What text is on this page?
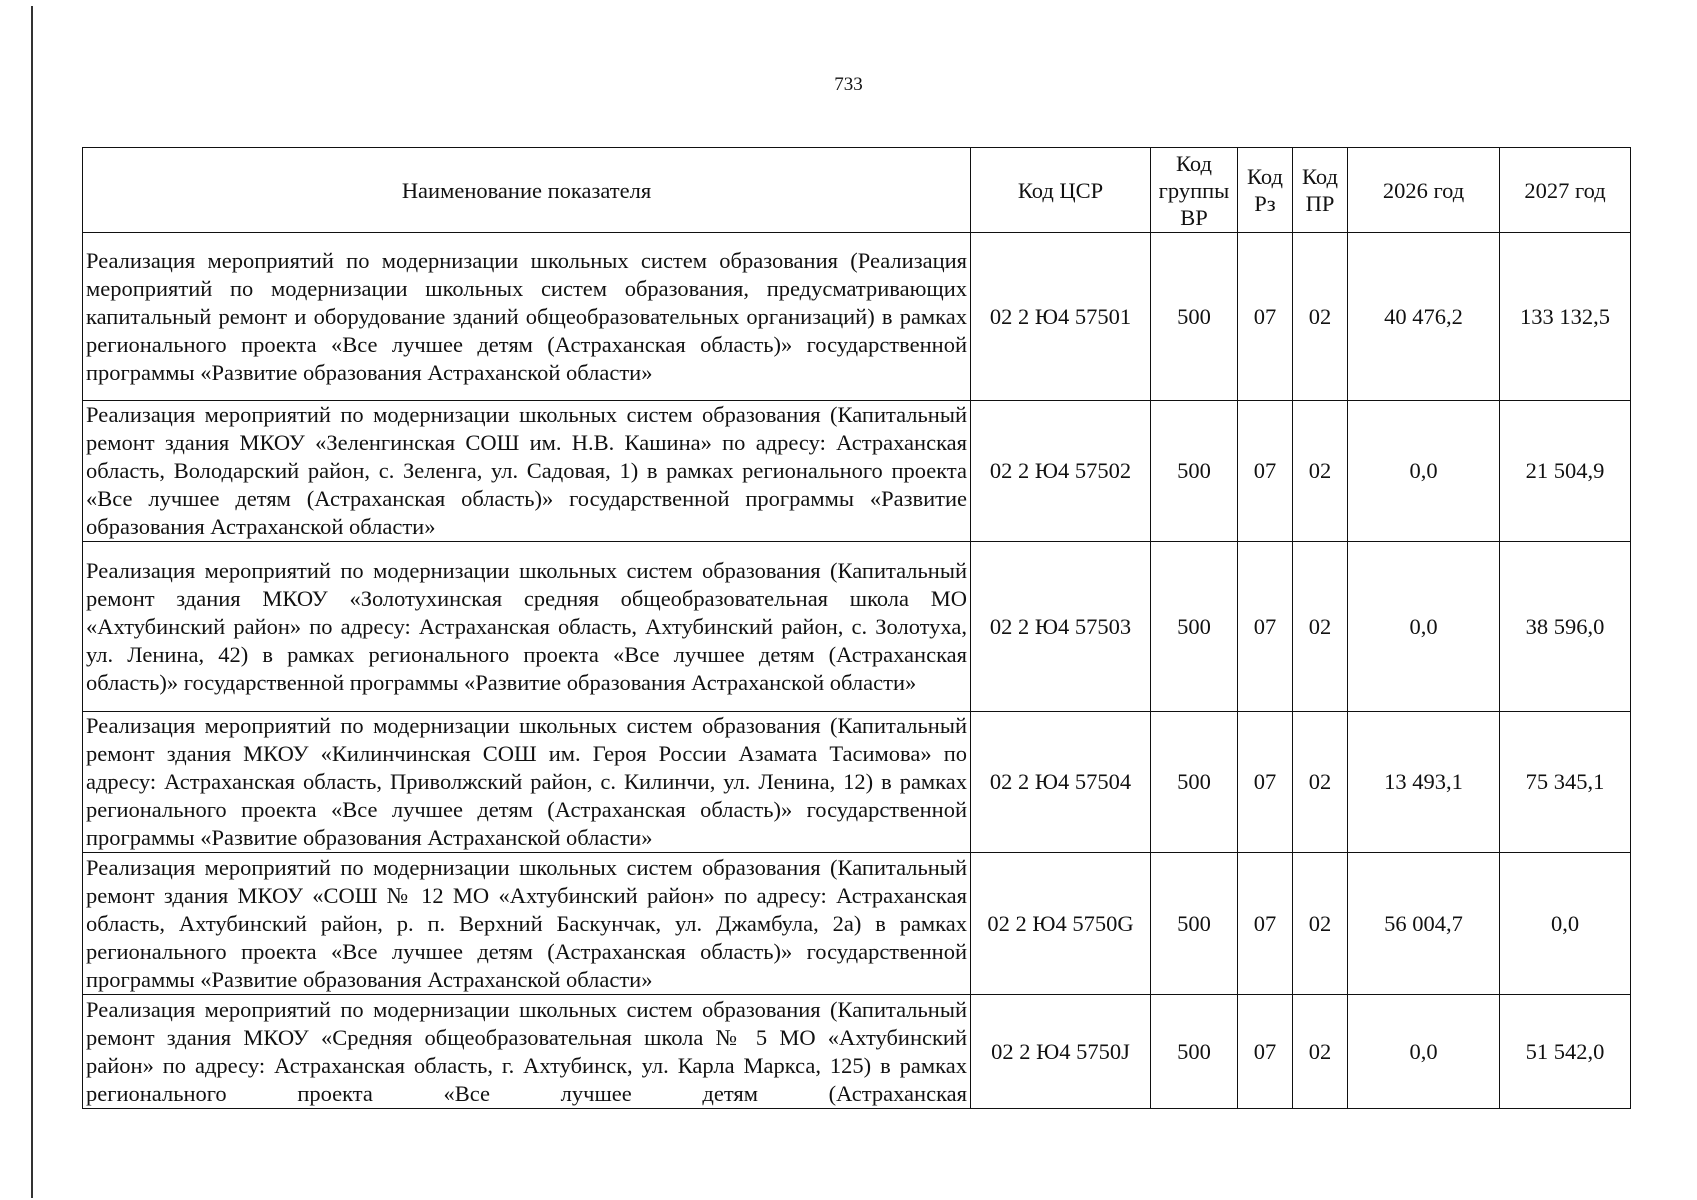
733
Наименование показателя	Код ЦСР	Код группы ВР	Код Рз	Код ПР	2026 год	2027 год
Реализация мероприятий по модернизации школьных систем образования (Реализация мероприятий по модернизации школьных систем образования, предусматривающих капитальный ремонт и оборудование зданий общеобразовательных организаций) в рамках регионального проекта «Все лучшее детям (Астраханская область)» государственной программы «Развитие образования Астраханской области»	02 2 Ю4 57501	500	07	02	40 476,2	133 132,5
Реализация мероприятий по модернизации школьных систем образования (Капитальный ремонт здания МКОУ «Зеленгинская СОШ им. Н.В. Кашина» по адресу: Астраханская область, Володарский район, с. Зеленга, ул. Садовая, 1) в рамках регионального проекта «Все лучшее детям (Астраханская область)» государственной программы «Развитие образования Астраханской области»	02 2 Ю4 57502	500	07	02	0,0	21 504,9
Реализация мероприятий по модернизации школьных систем образования (Капитальный ремонт здания МКОУ «Золотухинская средняя общеобразовательная школа МО «Ахтубинский район» по адресу: Астраханская область, Ахтубинский район, с. Золотуха, ул. Ленина, 42) в рамках регионального проекта «Все лучшее детям (Астраханская область)» государственной программы «Развитие образования Астраханской области»	02 2 Ю4 57503	500	07	02	0,0	38 596,0
Реализация мероприятий по модернизации школьных систем образования (Капитальный ремонт здания МКОУ «Килинчинская СОШ им. Героя России Азамата Тасимова» по адресу: Астраханская область, Приволжский район, с. Килинчи, ул. Ленина, 12) в рамках регионального проекта «Все лучшее детям (Астраханская область)» государственной программы «Развитие образования Астраханской области»	02 2 Ю4 57504	500	07	02	13 493,1	75 345,1
Реализация мероприятий по модернизации школьных систем образования (Капитальный ремонт здания МКОУ «СОШ № 12 МО «Ахтубинский район» по адресу: Астраханская область, Ахтубинский район, р. п. Верхний Баскунчак, ул. Джамбула, 2а) в рамках регионального проекта «Все лучшее детям (Астраханская область)» государственной программы «Развитие образования Астраханской области»	02 2 Ю4 5750G	500	07	02	56 004,7	0,0

Реализация мероприятий по модернизации школьных систем образования (Капитальный ремонт здания МКОУ «Средняя общеобразовательная школа № 5 МО «Ахтубинский район» по адресу: Астраханская область, г. Ахтубинск, ул. Карла Маркса, 125) в рамках регионального проекта «Все лучшее детям (Астраханская	02 2 Ю4 5750J	500	07	02	0,0	51 542,0
